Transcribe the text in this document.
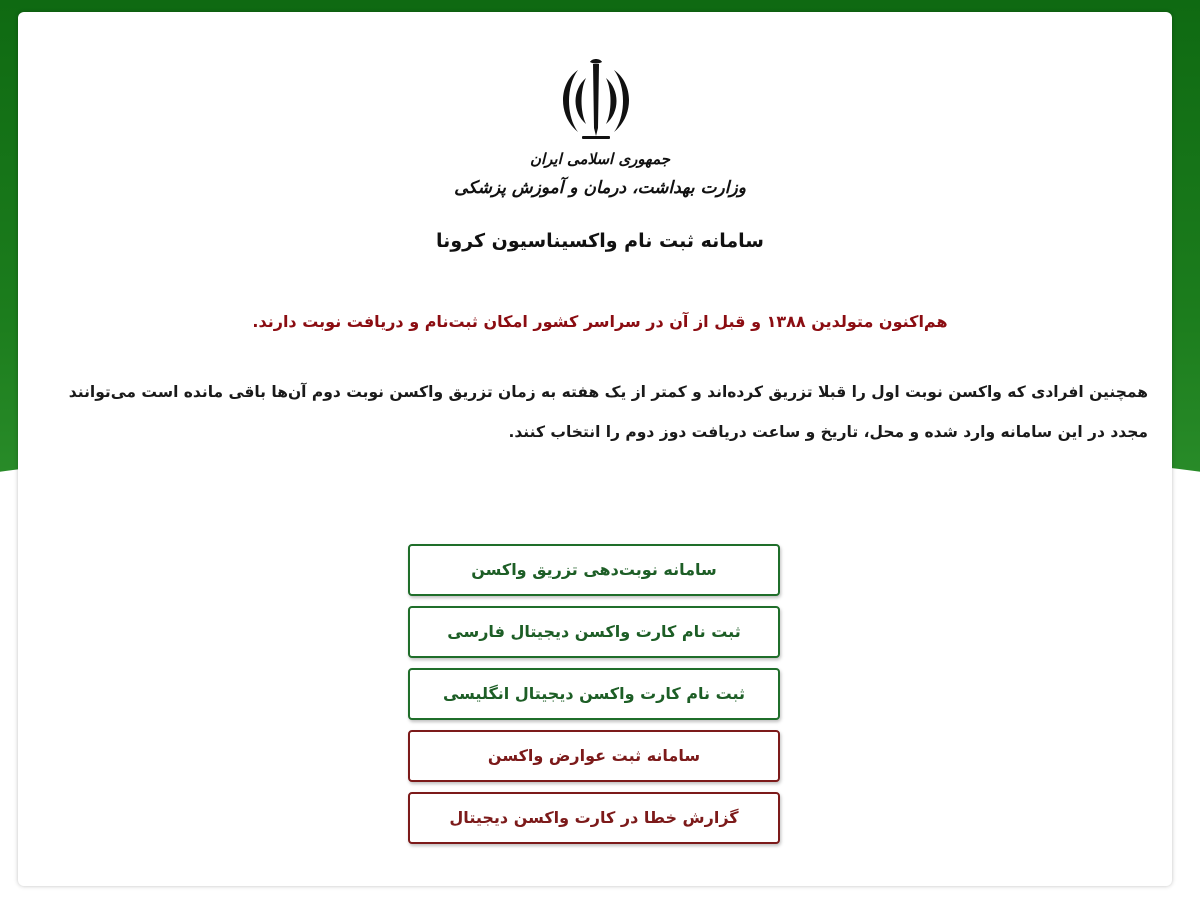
جمهوری اسلامی ایران
وزارت بهداشت، درمان و آموزش پزشکی
سامانه ثبت نام واکسیناسیون کرونا
هم‌اکنون متولدین ۱۳۸۸ و قبل از آن در سراسر کشور امکان ثبت‌نام و دریافت نوبت دارند.
همچنین افرادی که واکسن نوبت اول را قبلا تزریق کرده‌اند و کمتر از یک هفته به زمان تزریق واکسن نوبت دوم آن‌ها باقی مانده است می‌توانند مجدد در این سامانه وارد شده و محل، تاریخ و ساعت دریافت دوز دوم را انتخاب کنند.
سامانه نوبت‌دهی تزریق واکسن
ثبت نام کارت واکسن دیجیتال فارسی
ثبت نام کارت واکسن دیجیتال انگلیسی
سامانه ثبت عوارض واکسن
گزارش خطا در کارت واکسن دیجیتال
